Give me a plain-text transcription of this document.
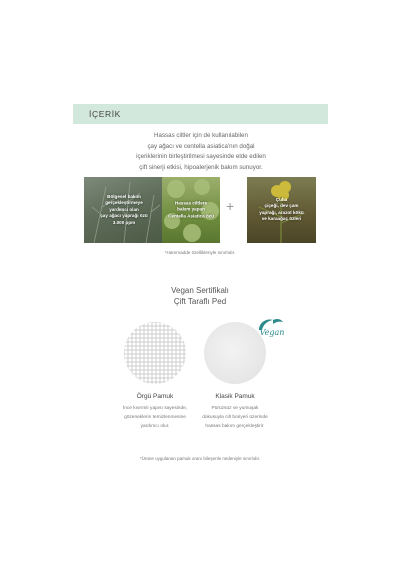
İÇERİK
Hassas ciltler için de kullanılabilen
çay ağacı ve centella asiatica'nın doğal
içeriklerinin birleştirilmesi sayesinde elde edilen
çift sinerji etkisi, hipoalerjenik bakım sunuyor.
Bölgesel bakım
gerçekleştirmeye
yardımcı olan
çay ağacı yaprağı özü
3.000 ppm
Hassas ciltlere
bakım yapan
Centella Asiatica özü
+	Çuha
çiçeği, dev çam
yaprağı, arazot kökü
ve karaağaç özleri
*Hammadde özellikleriyle sınırlıdır.
Vegan Sertifikalı
Çift Taraflı Ped
Vegan
Örgü Pamuk
İnce kıvrımlı yapısı sayesinde,
gözeneklerin temizlenmesine
yardımcı olur.
Klasik Pamuk
Pürüzsüz ve yumuşak
dokusuyla cilt boriyeri üzerinde
hassas bakım gerçekleştirir.
*Ürüne uygulanan pamuk oranı bileşenle nedeniyle sınırlıdır.
